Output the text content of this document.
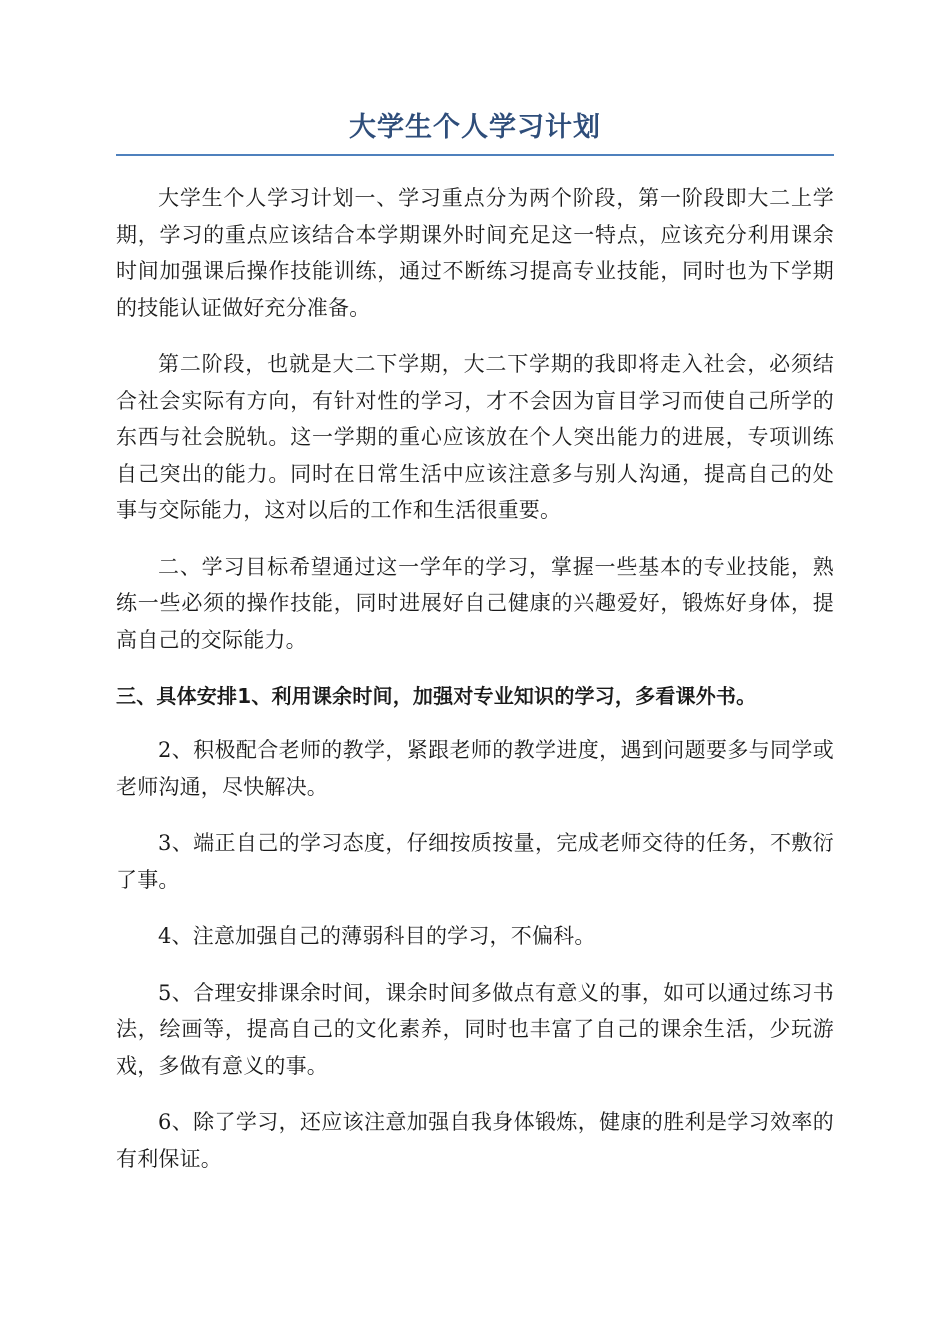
大学生个人学习计划

大学生个人学习计划一、学习重点分为两个阶段，第一阶段即大二上学期，学习的重点应该结合本学期课外时间充足这一特点，应该充分利用课余时间加强课后操作技能训练，通过不断练习提高专业技能，同时也为下学期的技能认证做好充分准备。

第二阶段，也就是大二下学期，大二下学期的我即将走入社会，必须结合社会实际有方向，有针对性的学习，才不会因为盲目学习而使自己所学的东西与社会脱轨。这一学期的重心应该放在个人突出能力的进展，专项训练自己突出的能力。同时在日常生活中应该注意多与别人沟通，提高自己的处事与交际能力，这对以后的工作和生活很重要。

二、学习目标希望通过这一学年的学习，掌握一些基本的专业技能，熟练一些必须的操作技能，同时进展好自己健康的兴趣爱好，锻炼好身体，提高自己的交际能力。

三、具体安排1、利用课余时间，加强对专业知识的学习，多看课外书。

2、积极配合老师的教学，紧跟老师的教学进度，遇到问题要多与同学或老师沟通，尽快解决。

3、端正自己的学习态度，仔细按质按量，完成老师交待的任务，不敷衍了事。

4、注意加强自己的薄弱科目的学习，不偏科。

5、合理安排课余时间，课余时间多做点有意义的事，如可以通过练习书法，绘画等，提高自己的文化素养，同时也丰富了自己的课余生活，少玩游戏，多做有意义的事。

6、除了学习，还应该注意加强自我身体锻炼，健康的胜利是学习效率的有利保证。
